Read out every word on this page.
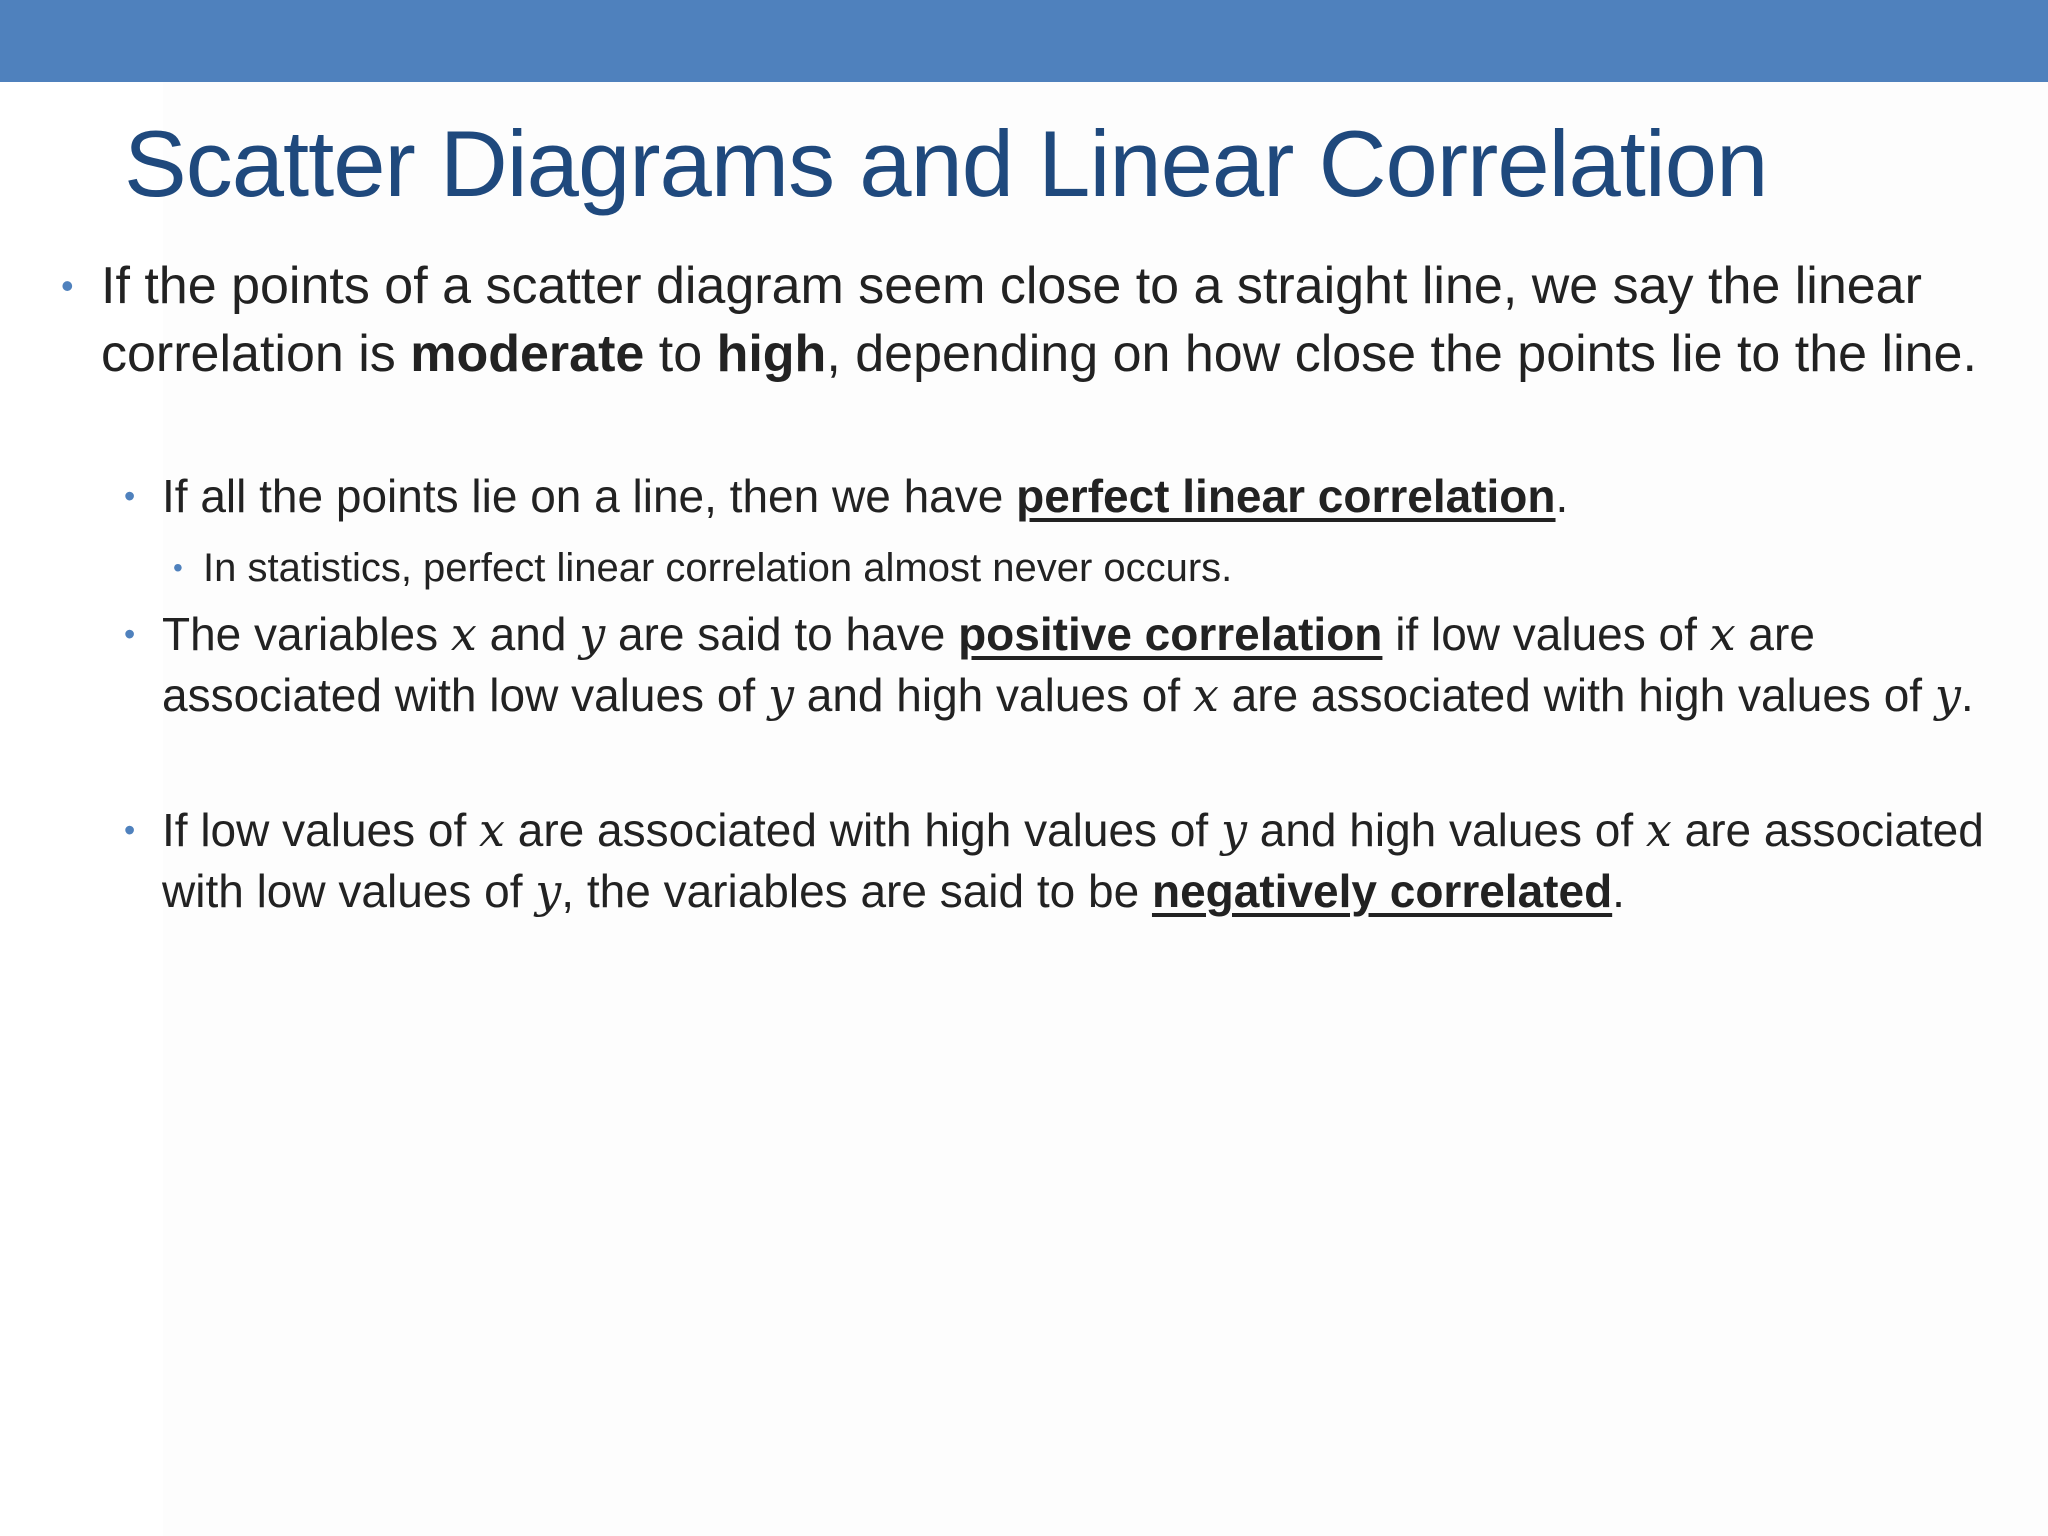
Scatter Diagrams and Linear Correlation
• If the points of a scatter diagram seem close to a straight line, we say the linear correlation is moderate to high, depending on how close the points lie to the line.
• If all the points lie on a line, then we have perfect linear correlation.
• In statistics, perfect linear correlation almost never occurs.
• The variables x and y are said to have positive correlation if low values of x are associated with low values of y and high values of x are associated with high values of y.
• If low values of x are associated with high values of y and high values of x are associated with low values of y, the variables are said to be negatively correlated.
